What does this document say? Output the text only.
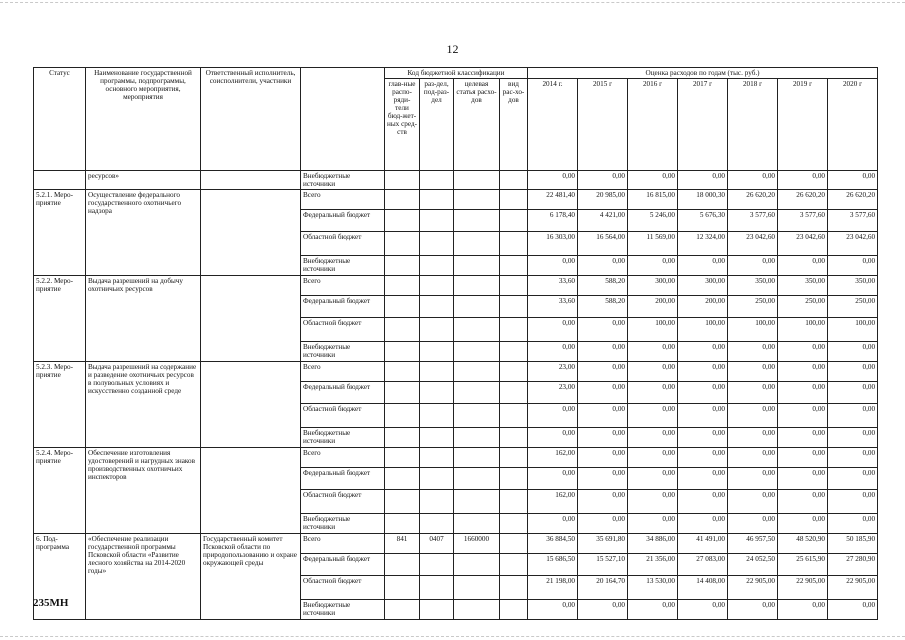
12
Статус	Наименование государственной программы, подпрограммы, основного мероприятия, мероприятия	Ответственный исполнитель, соисполнители, участники		Код бюджетной классификации				Оценка расходов по годам (тыс. руб.)						
				глав-ные распо-ряди-тели бюд-жет-ных сред-ств	раз-дел, под-раз-дел	целевая статья расхо-дов	вид рас-хо-дов	2014 г.	2015 г	2016 г	2017 г	2018 г	2019 г	2020 г
	ресурсов»		Внебюджетные источники					0,00	0,00	0,00	0,00	0,00	0,00	0,00
5.2.1. Меро-приятие	Осуществление федерального государственного охотничьего надзора		Всего					22 481,40	20 985,00	16 815,00	18 000,30	26 620,20	26 620,20	26 620,20
			Федеральный бюджет					6 178,40	4 421,00	5 246,00	5 676,30	3 577,60	3 577,60	3 577,60
			Областной бюджет					16 303,00	16 564,00	11 569,00	12 324,00	23 042,60	23 042,60	23 042,60
			Внебюджетные источники					0,00	0,00	0,00	0,00	0,00	0,00	0,00
5.2.2. Меро-приятие	Выдача разрешений на добычу охотничьих ресурсов		Всего					33,60	588,20	300,00	300,00	350,00	350,00	350,00
			Федеральный бюджет					33,60	588,20	200,00	200,00	250,00	250,00	250,00
			Областной бюджет					0,00	0,00	100,00	100,00	100,00	100,00	100,00
			Внебюджетные источники					0,00	0,00	0,00	0,00	0,00	0,00	0,00
5.2.3. Меро-приятие	Выдача разрешений на содержание и разведение охотничьих ресурсов в полувольных условиях и искусственно созданной среде		Всего					23,00	0,00	0,00	0,00	0,00	0,00	0,00
			Федеральный бюджет					23,00	0,00	0,00	0,00	0,00	0,00	0,00
			Областной бюджет					0,00	0,00	0,00	0,00	0,00	0,00	0,00
			Внебюджетные источники					0,00	0,00	0,00	0,00	0,00	0,00	0,00
5.2.4. Меро-приятие	Обеспечение изготовления удостоверений и нагрудных знаков производственных охотничьих инспекторов		Всего					162,00	0,00	0,00	0,00	0,00	0,00	0,00
			Федеральный бюджет					0,00	0,00	0,00	0,00	0,00	0,00	0,00
			Областной бюджет					162,00	0,00	0,00	0,00	0,00	0,00	0,00
			Внебюджетные источники					0,00	0,00	0,00	0,00	0,00	0,00	0,00
6. Под-программа	«Обеспечение реализации государственной программы Псковской области «Развитие лесного хозяйства на 2014-2020 годы»	Государственный комитет Псковской области по природопользованию и охране окружающей среды	Всего	841	0407	1660000		36 884,50	35 691,80	34 886,00	41 491,00	46 957,50	48 520,90	50 185,90
			Федеральный бюджет					15 686,50	15 527,10	21 356,00	27 083,00	24 052,50	25 615,90	27 280,90
			Областной бюджет					21 198,00	20 164,70	13 530,00	14 408,00	22 905,00	22 905,00	22 905,00
			Внебюджетные источники					0,00	0,00	0,00	0,00	0,00	0,00	0,00
235МН
